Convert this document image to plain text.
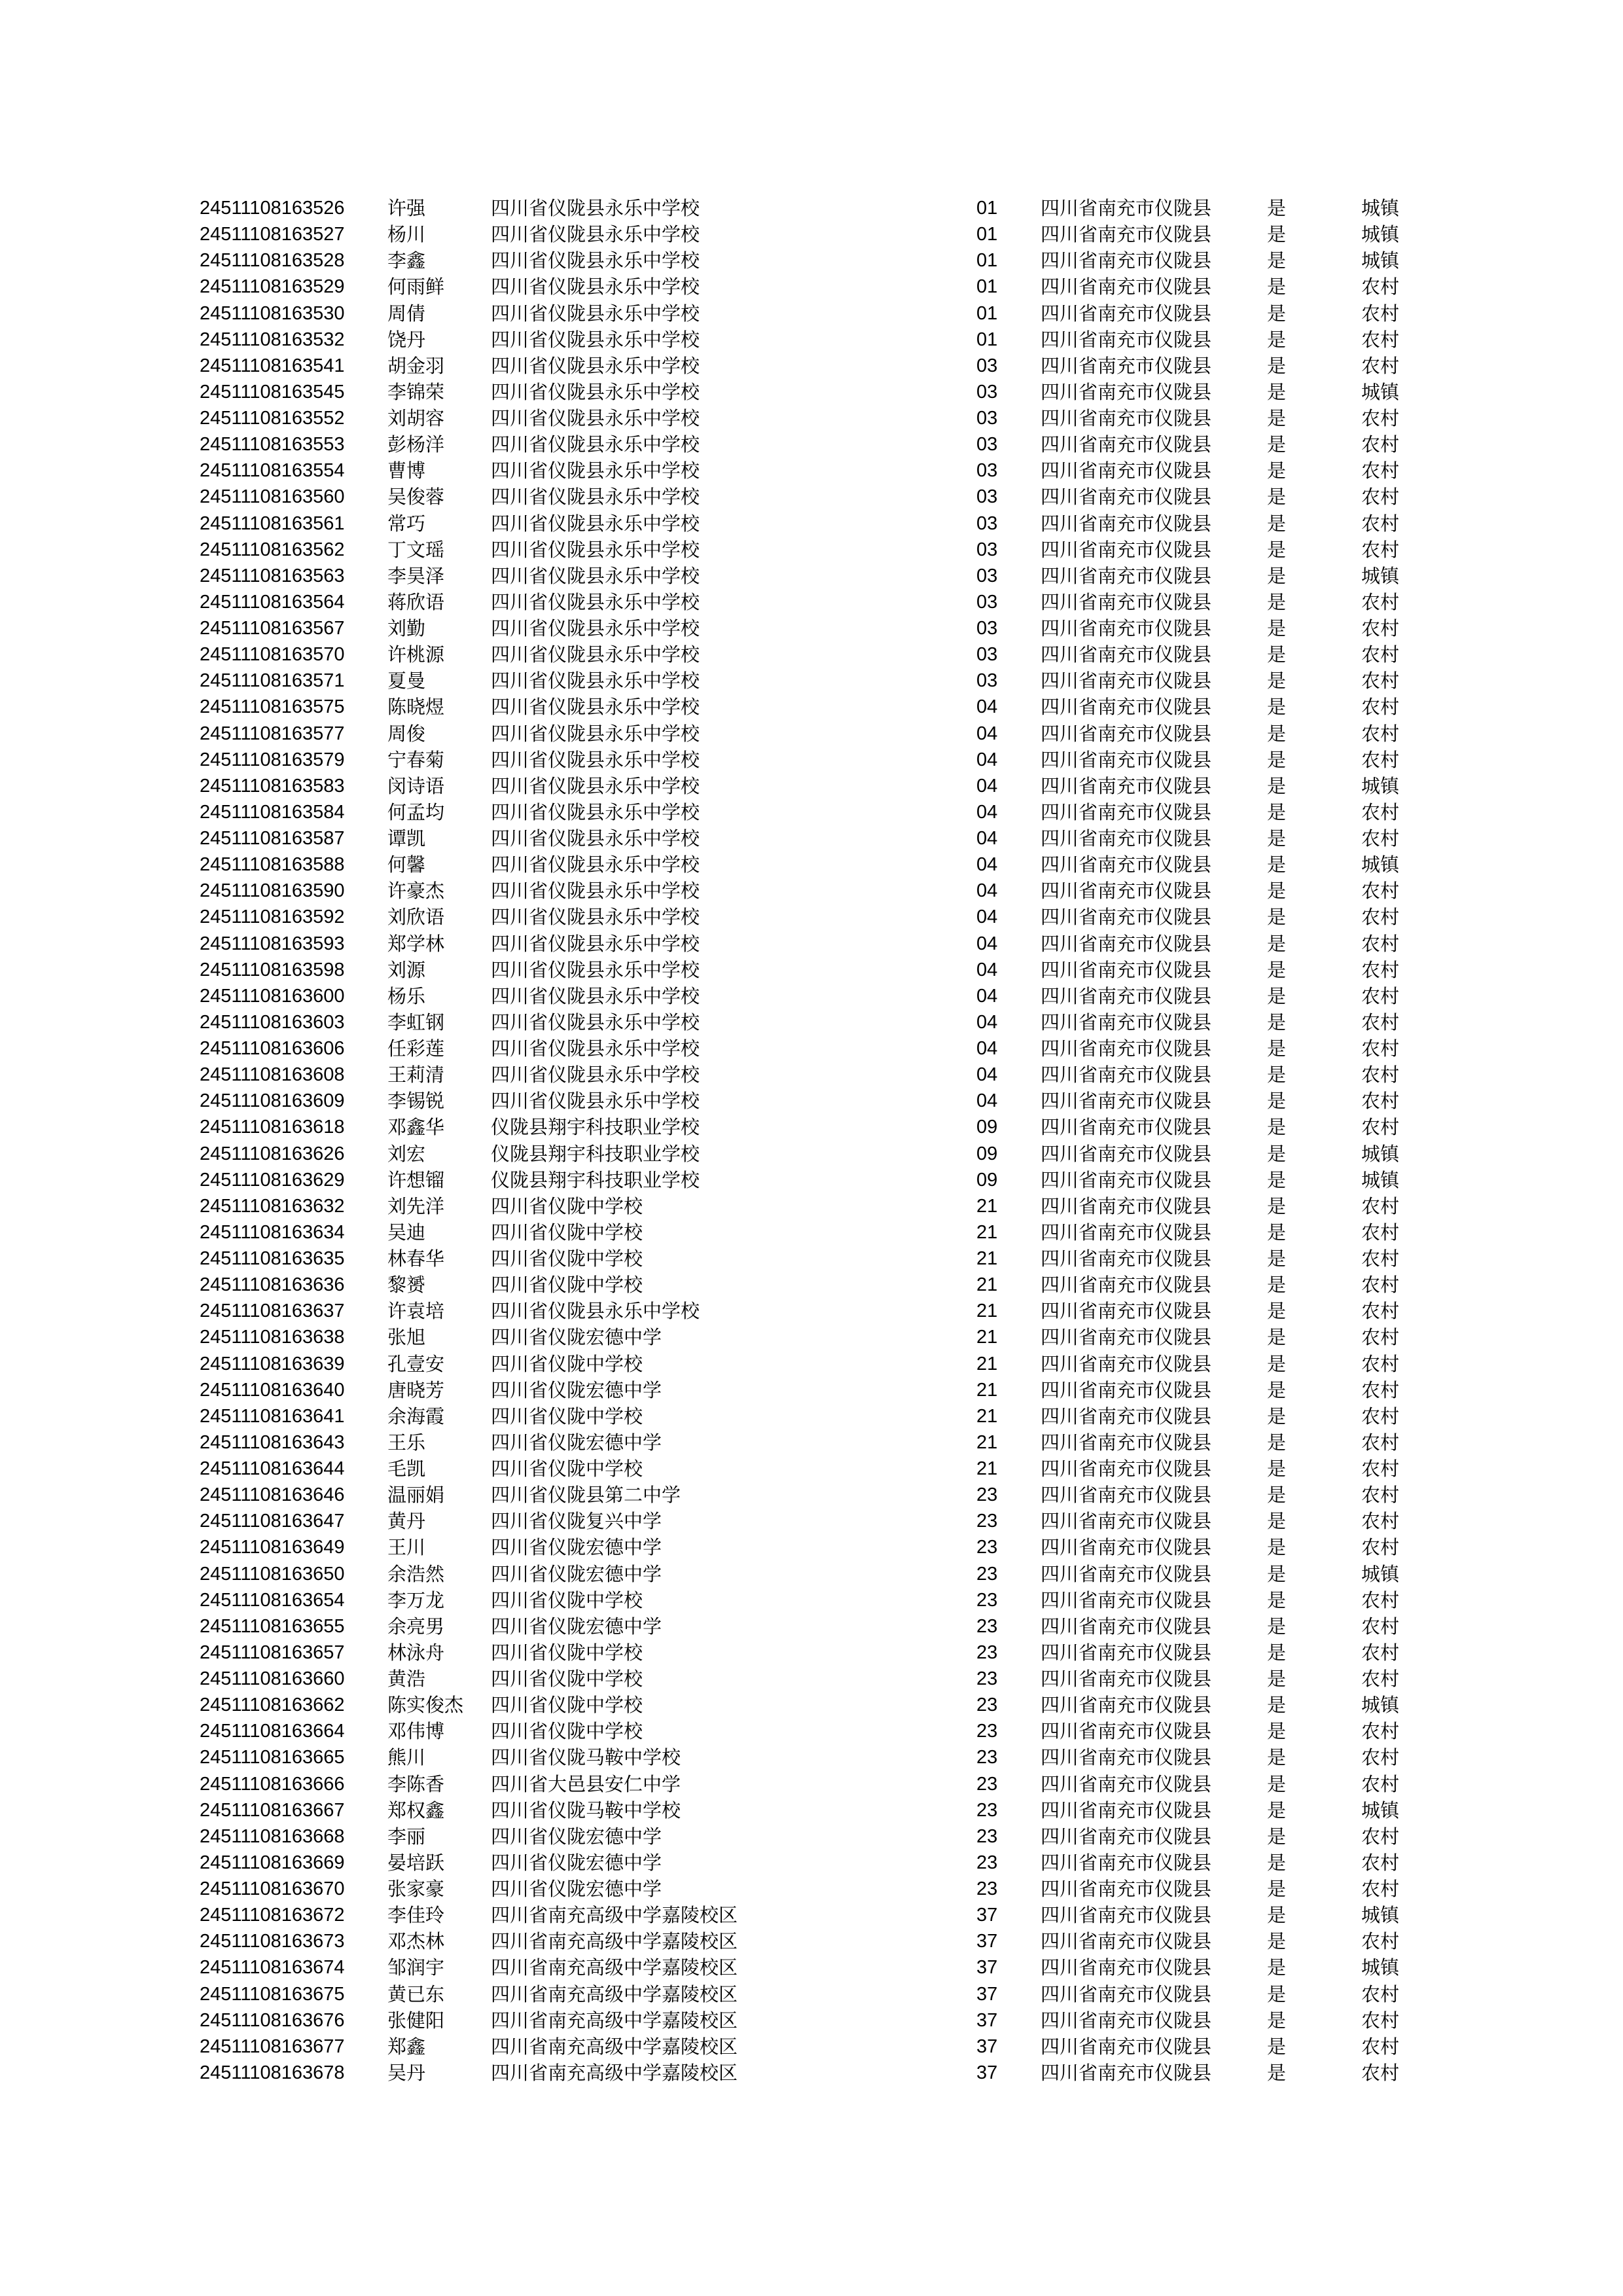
24511108163526 许强	四川省仪陇县永乐中学校	01 四川省南充市仪陇县	是	城镇
24511108163527 杨川	四川省仪陇县永乐中学校	01 四川省南充市仪陇县	是	城镇
24511108163528 李鑫	四川省仪陇县永乐中学校	01 四川省南充市仪陇县	是	城镇
24511108163529 何雨鲜 四川省仪陇县永乐中学校	01 四川省南充市仪陇县	是	农村
24511108163530 周倩	四川省仪陇县永乐中学校	01 四川省南充市仪陇县	是	农村
24511108163532 饶丹	四川省仪陇县永乐中学校	01 四川省南充市仪陇县	是	农村
24511108163541 胡金羽 四川省仪陇县永乐中学校	03 四川省南充市仪陇县	是	农村
24511108163545 李锦荣 四川省仪陇县永乐中学校	03 四川省南充市仪陇县	是	城镇
24511108163552 刘胡容 四川省仪陇县永乐中学校	03 四川省南充市仪陇县	是	农村
24511108163553 彭杨洋 四川省仪陇县永乐中学校	03 四川省南充市仪陇县	是	农村
24511108163554 曹博	四川省仪陇县永乐中学校	03 四川省南充市仪陇县	是	农村
24511108163560 吴俊蓉 四川省仪陇县永乐中学校	03 四川省南充市仪陇县	是	农村
24511108163561 常巧	四川省仪陇县永乐中学校	03 四川省南充市仪陇县	是	农村
24511108163562 丁文瑶 四川省仪陇县永乐中学校	03 四川省南充市仪陇县	是	农村
24511108163563 李昊泽 四川省仪陇县永乐中学校	03 四川省南充市仪陇县	是	城镇
24511108163564 蒋欣语 四川省仪陇县永乐中学校	03 四川省南充市仪陇县	是	农村
24511108163567 刘勤	四川省仪陇县永乐中学校	03 四川省南充市仪陇县	是	农村
24511108163570 许桃源 四川省仪陇县永乐中学校	03 四川省南充市仪陇县	是	农村
24511108163571 夏曼	四川省仪陇县永乐中学校	03 四川省南充市仪陇县	是	农村
24511108163575 陈晓煜 四川省仪陇县永乐中学校	04 四川省南充市仪陇县	是	农村
24511108163577 周俊	四川省仪陇县永乐中学校	04 四川省南充市仪陇县	是	农村
24511108163579 宁春菊 四川省仪陇县永乐中学校	04 四川省南充市仪陇县	是	农村
24511108163583 闵诗语 四川省仪陇县永乐中学校	04 四川省南充市仪陇县	是	城镇
24511108163584 何孟均 四川省仪陇县永乐中学校	04 四川省南充市仪陇县	是	农村
24511108163587 谭凯	四川省仪陇县永乐中学校	04 四川省南充市仪陇县	是	农村
24511108163588 何馨	四川省仪陇县永乐中学校	04 四川省南充市仪陇县	是	城镇
24511108163590 许豪杰 四川省仪陇县永乐中学校	04 四川省南充市仪陇县	是	农村
24511108163592 刘欣语 四川省仪陇县永乐中学校	04 四川省南充市仪陇县	是	农村
24511108163593 郑学林 四川省仪陇县永乐中学校	04 四川省南充市仪陇县	是	农村
24511108163598 刘源	四川省仪陇县永乐中学校	04 四川省南充市仪陇县	是	农村
24511108163600 杨乐	四川省仪陇县永乐中学校	04 四川省南充市仪陇县	是	农村
24511108163603 李虹钢 四川省仪陇县永乐中学校	04 四川省南充市仪陇县	是	农村
24511108163606 任彩莲 四川省仪陇县永乐中学校	04 四川省南充市仪陇县	是	农村
24511108163608 王莉清 四川省仪陇县永乐中学校	04 四川省南充市仪陇县	是	农村
24511108163609 李锡锐 四川省仪陇县永乐中学校	04 四川省南充市仪陇县	是	农村
24511108163618 邓鑫华 仪陇县翔宇科技职业学校	09 四川省南充市仪陇县	是	农村
24511108163626 刘宏	仪陇县翔宇科技职业学校	09 四川省南充市仪陇县	是	城镇
24511108163629 许想镏 仪陇县翔宇科技职业学校	09 四川省南充市仪陇县	是	城镇
24511108163632 刘先洋 四川省仪陇中学校	21 四川省南充市仪陇县	是	农村
24511108163634 吴迪	四川省仪陇中学校	21 四川省南充市仪陇县	是	农村
24511108163635 林春华 四川省仪陇中学校	21 四川省南充市仪陇县	是	农村
24511108163636 黎赟	四川省仪陇中学校	21 四川省南充市仪陇县	是	农村
24511108163637 许袁培 四川省仪陇县永乐中学校	21 四川省南充市仪陇县	是	农村
24511108163638 张旭	四川省仪陇宏德中学	21 四川省南充市仪陇县	是	农村
24511108163639 孔壹安 四川省仪陇中学校	21 四川省南充市仪陇县	是	农村
24511108163640 唐晓芳 四川省仪陇宏德中学	21 四川省南充市仪陇县	是	农村
24511108163641 余海霞 四川省仪陇中学校	21 四川省南充市仪陇县	是	农村
24511108163643 王乐	四川省仪陇宏德中学	21 四川省南充市仪陇县	是	农村
24511108163644 毛凯	四川省仪陇中学校	21 四川省南充市仪陇县	是	农村
24511108163646 温丽娟 四川省仪陇县第二中学	23 四川省南充市仪陇县	是	农村
24511108163647 黄丹	四川省仪陇复兴中学	23 四川省南充市仪陇县	是	农村
24511108163649 王川	四川省仪陇宏德中学	23 四川省南充市仪陇县	是	农村
24511108163650 余浩然 四川省仪陇宏德中学	23 四川省南充市仪陇县	是	城镇
24511108163654 李万龙 四川省仪陇中学校	23 四川省南充市仪陇县	是	农村
24511108163655 余亮男 四川省仪陇宏德中学	23 四川省南充市仪陇县	是	农村
24511108163657 林泳舟 四川省仪陇中学校	23 四川省南充市仪陇县	是	农村
24511108163660 黄浩	四川省仪陇中学校	23 四川省南充市仪陇县	是	农村
24511108163662 陈实俊杰 四川省仪陇中学校	23 四川省南充市仪陇县	是	城镇
24511108163664 邓伟博 四川省仪陇中学校	23 四川省南充市仪陇县	是	农村
24511108163665 熊川	四川省仪陇马鞍中学校	23 四川省南充市仪陇县	是	农村
24511108163666 李陈香 四川省大邑县安仁中学	23 四川省南充市仪陇县	是	农村
24511108163667 郑权鑫 四川省仪陇马鞍中学校	23 四川省南充市仪陇县	是	城镇
24511108163668 李丽	四川省仪陇宏德中学	23 四川省南充市仪陇县	是	农村
24511108163669 晏培跃 四川省仪陇宏德中学	23 四川省南充市仪陇县	是	农村
24511108163670 张家豪 四川省仪陇宏德中学	23 四川省南充市仪陇县	是	农村
24511108163672 李佳玲 四川省南充高级中学嘉陵校区	37 四川省南充市仪陇县	是	城镇
24511108163673 邓杰林 四川省南充高级中学嘉陵校区	37 四川省南充市仪陇县	是	农村
24511108163674 邹润宇 四川省南充高级中学嘉陵校区	37 四川省南充市仪陇县	是	城镇
24511108163675 黄已东 四川省南充高级中学嘉陵校区	37 四川省南充市仪陇县	是	农村
24511108163676 张健阳 四川省南充高级中学嘉陵校区	37 四川省南充市仪陇县	是	农村
24511108163677 郑鑫	四川省南充高级中学嘉陵校区	37 四川省南充市仪陇县	是	农村
24511108163678 吴丹	四川省南充高级中学嘉陵校区	37 四川省南充市仪陇县	是	农村
